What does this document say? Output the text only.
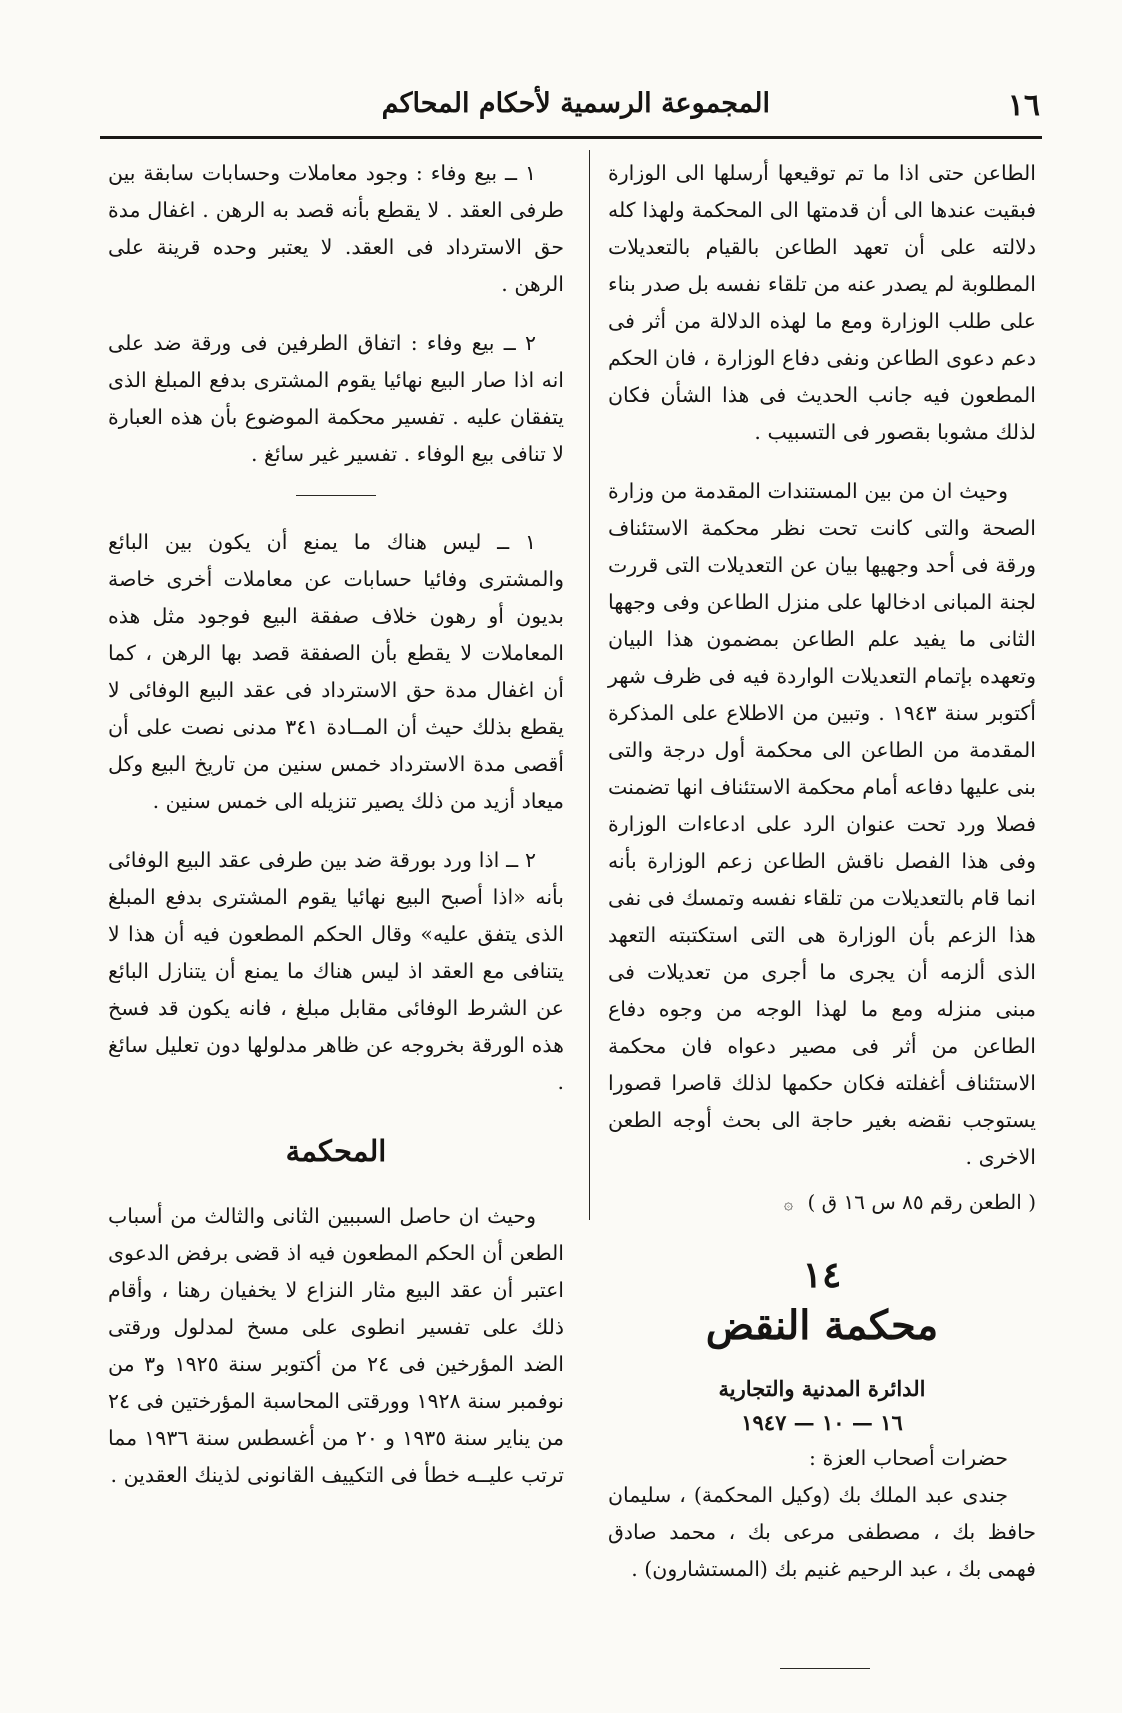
١٦
المجموعة الرسمية لأحكام المحاكم

الطاعن حتى اذا ما تم توقيعها أرسلها الى الوزارة فبقيت عندها الى أن قدمتها الى المحكمة ولهذا كله دلالته على أن تعهد الطاعن بالقيام بالتعديلات المطلوبة لم يصدر عنه من تلقاء نفسه بل صدر بناء على طلب الوزارة ومع ما لهذه الدلالة من أثر فى دعم دعوى الطاعن ونفى دفاع الوزارة ، فان الحكم المطعون فيه جانب الحديث فى هذا الشأن فكان لذلك مشوبا بقصور فى التسبيب .

وحيث ان من بين المستندات المقدمة من وزارة الصحة والتى كانت تحت نظر محكمة الاستئناف ورقة فى أحد وجهيها بيان عن التعديلات التى قررت لجنة المبانى ادخالها على منزل الطاعن وفى وجهها الثانى ما يفيد علم الطاعن بمضمون هذا البيان وتعهده بإتمام التعديلات الواردة فيه فى ظرف شهر أكتوبر سنة ١٩٤٣ . وتبين من الاطلاع على المذكرة المقدمة من الطاعن الى محكمة أول درجة والتى بنى عليها دفاعه أمام محكمة الاستئناف انها تضمنت فصلا ورد تحت عنوان الرد على ادعاءات الوزارة وفى هذا الفصل ناقش الطاعن زعم الوزارة بأنه انما قام بالتعديلات من تلقاء نفسه وتمسك فى نفى هذا الزعم بأن الوزارة هى التى استكتبته التعهد الذى ألزمه أن يجرى ما أجرى من تعديلات فى مبنى منزله ومع ما لهذا الوجه من وجوه دفاع الطاعن من أثر فى مصير دعواه فان محكمة الاستئناف أغفلته فكان حكمها لذلك قاصرا قصورا يستوجب نقضه بغير حاجة الى بحث أوجه الطعن الاخرى .

( الطعن رقم ٨٥ س ١٦ ق ) ۞
١٤
محكمة النقض
الدائرة المدنية والتجارية
١٦ — ١٠ — ١٩٤٧

حضرات أصحاب العزة :

جندى عبد الملك بك (وكيل المحكمة) ، سليمان حافظ بك ، مصطفى مرعى بك ، محمد صادق فهمى بك ، عبد الرحيم غنيم بك (المستشارون) .

١ ــ بيع وفاء : وجود معاملات وحسابات سابقة بين طرفى العقد . لا يقطع بأنه قصد به الرهن . اغفال مدة حق الاسترداد فى العقد. لا يعتبر وحده قرينة على الرهن .

٢ ــ بيع وفاء : اتفاق الطرفين فى ورقة ضد على انه اذا صار البيع نهائيا يقوم المشترى بدفع المبلغ الذى يتفقان عليه . تفسير محكمة الموضوع بأن هذه العبارة لا تنافى بيع الوفاء . تفسير غير سائغ .

١ ــ ليس هناك ما يمنع أن يكون بين البائع والمشترى وفائيا حسابات عن معاملات أخرى خاصة بديون أو رهون خلاف صفقة البيع فوجود مثل هذه المعاملات لا يقطع بأن الصفقة قصد بها الرهن ، كما أن اغفال مدة حق الاسترداد فى عقد البيع الوفائى لا يقطع بذلك حيث أن المــادة ٣٤١ مدنى نصت على أن أقصى مدة الاسترداد خمس سنين من تاريخ البيع وكل ميعاد أزيد من ذلك يصير تنزيله الى خمس سنين .

٢ ــ اذا ورد بورقة ضد بين طرفى عقد البيع الوفائى بأنه «اذا أصبح البيع نهائيا يقوم المشترى بدفع المبلغ الذى يتفق عليه» وقال الحكم المطعون فيه أن هذا لا يتنافى مع العقد اذ ليس هناك ما يمنع أن يتنازل البائع عن الشرط الوفائى مقابل مبلغ ، فانه يكون قد فسخ هذه الورقة بخروجه عن ظاهر مدلولها دون تعليل سائغ .

المحكمة

وحيث ان حاصل السببين الثانى والثالث من أسباب الطعن أن الحكم المطعون فيه اذ قضى برفض الدعوى اعتبر أن عقد البيع مثار النزاع لا يخفيان رهنا ، وأقام ذلك على تفسير انطوى على مسخ لمدلول ورقتى الضد المؤرخين فى ٢٤ من أكتوبر سنة ١٩٢٥ و٣ من نوفمبر سنة ١٩٢٨ وورقتى المحاسبة المؤرختين فى ٢٤ من يناير سنة ١٩٣٥ و ٢٠ من أغسطس سنة ١٩٣٦ مما ترتب عليــه خطأ فى التكييف القانونى لذينك العقدين .
